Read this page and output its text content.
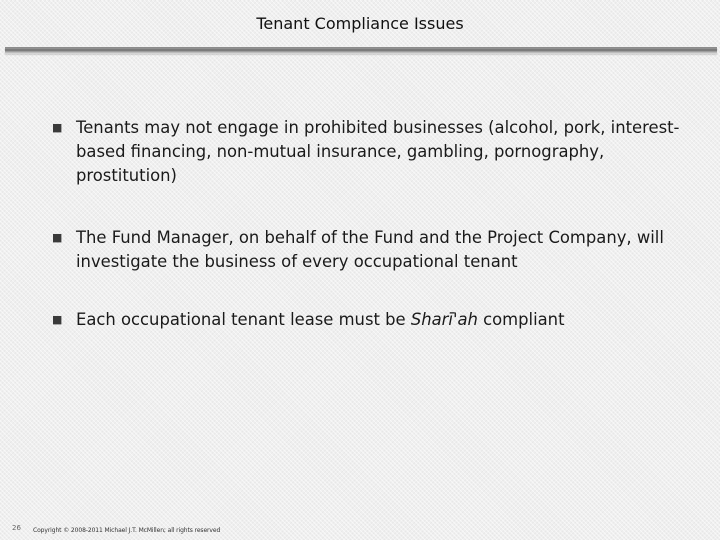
Tenant Compliance Issues
■ Tenants may not engage in prohibited businesses (alcohol, pork, interest-based financing, non-mutual insurance, gambling, pornography, prostitution)
■ The Fund Manager, on behalf of the Fund and the Project Company, will investigate the business of every occupational tenant
■ Each occupational tenant lease must be Sharī'ah compliant
26 Copyright © 2008-2011 Michael J.T. McMillen; all rights reserved
